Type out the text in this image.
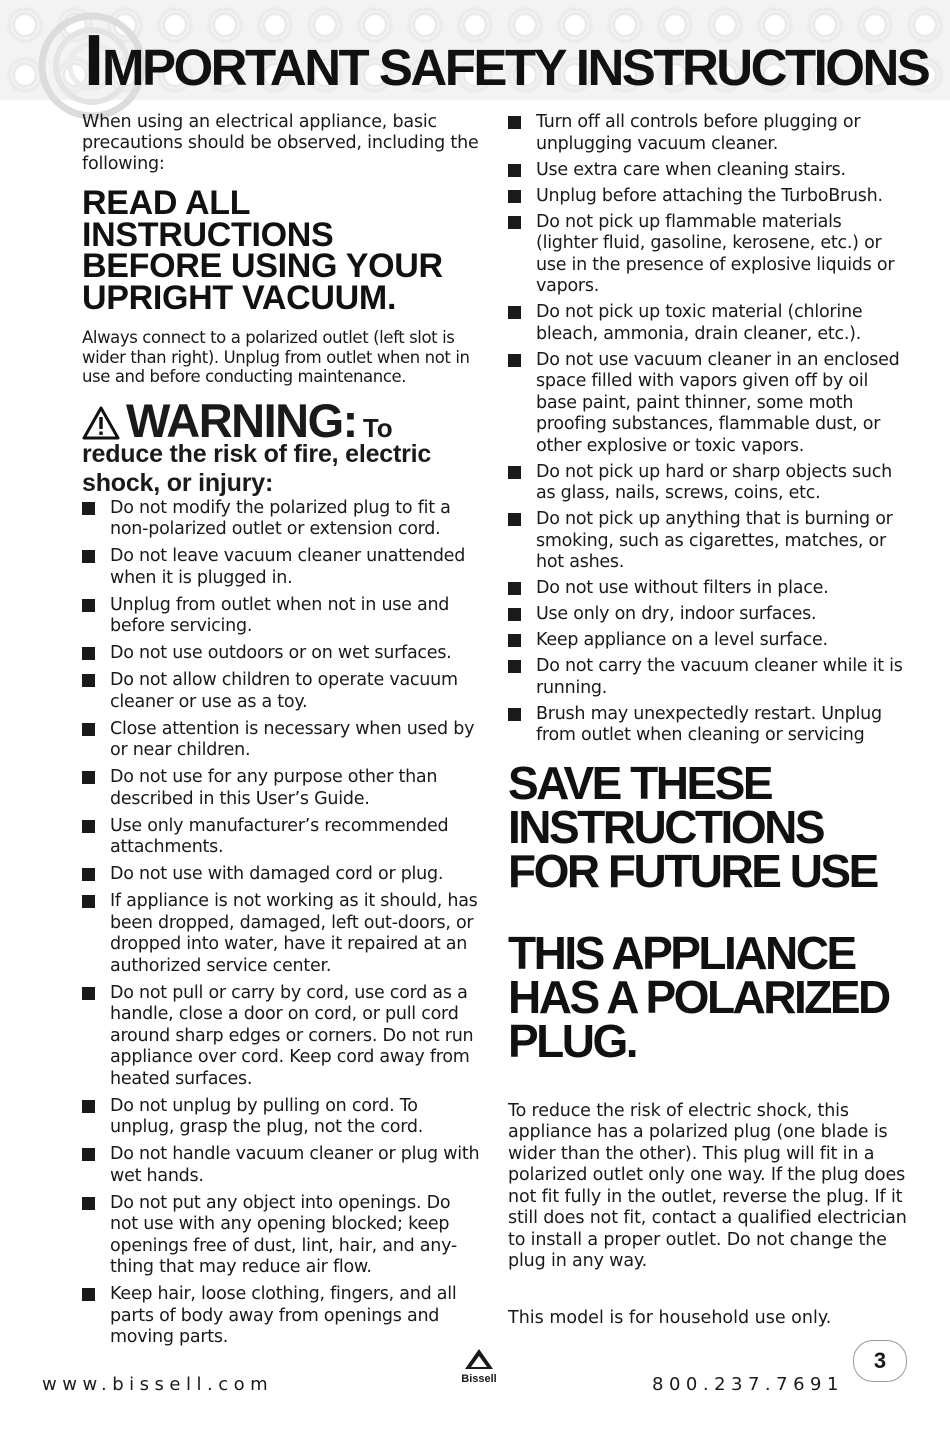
IMPORTANT SAFETY INSTRUCTIONS

When using an electrical appliance, basic precautions should be observed, including the following:

READ ALL INSTRUCTIONS BEFORE USING YOUR UPRIGHT VACUUM.

Always connect to a polarized outlet (left slot is wider than right). Unplug from outlet when not in use and before conducting maintenance.

WARNING: To
reduce the risk of fire, electric shock, or injury:
Do not modify the polarized plug to fit a non-polarized outlet or extension cord.
Do not leave vacuum cleaner unattended when it is plugged in.
Unplug from outlet when not in use and before servicing.
Do not use outdoors or on wet surfaces.
Do not allow children to operate vacuum cleaner or use as a toy.
Close attention is necessary when used by or near children.
Do not use for any purpose other than described in this User’s Guide.
Use only manufacturer’s recommended attachments.
Do not use with damaged cord or plug.
If appliance is not working as it should, has been dropped, damaged, left out-doors, or dropped into water, have it repaired at an authorized service center.
Do not pull or carry by cord, use cord as a handle, close a door on cord, or pull cord around sharp edges or corners. Do not run appliance over cord. Keep cord away from heated surfaces.
Do not unplug by pulling on cord. To unplug, grasp the plug, not the cord.
Do not handle vacuum cleaner or plug with wet hands.
Do not put any object into openings. Do not use with any opening blocked; keep openings free of dust, lint, hair, and any-thing that may reduce air flow.
Keep hair, loose clothing, fingers, and all parts of body away from openings and moving parts.
Turn off all controls before plugging or unplugging vacuum cleaner.
Use extra care when cleaning stairs.
Unplug before attaching the TurboBrush.
Do not pick up flammable materials (lighter fluid, gasoline, kerosene, etc.) or use in the presence of explosive liquids or vapors.
Do not pick up toxic material (chlorine bleach, ammonia, drain cleaner, etc.).
Do not use vacuum cleaner in an enclosed space filled with vapors given off by oil base paint, paint thinner, some moth proofing substances, flammable dust, or other explosive or toxic vapors.
Do not pick up hard or sharp objects such as glass, nails, screws, coins, etc.
Do not pick up anything that is burning or smoking, such as cigarettes, matches, or hot ashes.
Do not use without filters in place.
Use only on dry, indoor surfaces.
Keep appliance on a level surface.
Do not carry the vacuum cleaner while it is running.
Brush may unexpectedly restart. Unplug from outlet when cleaning or servicing
SAVE THESE INSTRUCTIONS FOR FUTURE USE
THIS APPLIANCE HAS A POLARIZED PLUG.

To reduce the risk of electric shock, this appliance has a polarized plug (one blade is wider than the other). This plug will fit in a polarized outlet only one way. If the plug does not fit fully in the outlet, reverse the plug. If it still does not fit, contact a qualified electrician to install a proper outlet. Do not change the plug in any way.

This model is for household use only.

www.bissell.com	Bissell	800.237.7691
3
